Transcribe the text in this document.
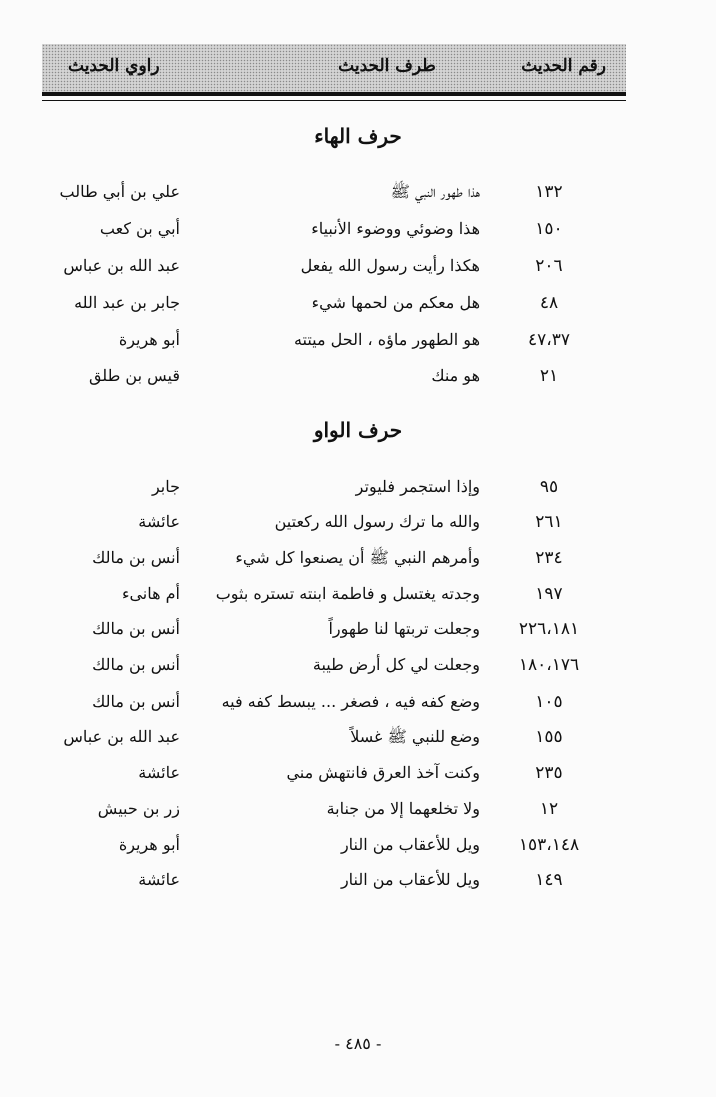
رقم الحديث
طرف الحديث
راوي الحديث
حرف الهاء
١٣٢
هذا طهور النبي ﷺ
علي بن أبي طالب
١٥٠
هذا وضوئي ووضوء الأنبياء
أبي بن كعب
٢٠٦
هكذا رأيت رسول الله يفعل
عبد الله بن عباس
٤٨
هل معكم من لحمها شيء
جابر بن عبد الله
٤٧،٣٧
هو الطهور ماؤه ، الحل ميتته
أبو هريرة
٢١
هو منك
قيس بن طلق
حرف الواو
٩٥
وإذا استجمر فليوتر
جابر
٢٦١
والله ما ترك رسول الله ركعتين
عائشة
٢٣٤
وأمرهم النبي ﷺ أن يصنعوا كل شيء
أنس بن مالك
١٩٧
وجدته يغتسل و فاطمة ابنته تستره بثوب
أم هانىء
٢٢٦،١٨١
وجعلت تربتها لنا طهوراً
أنس بن مالك
١٨٠،١٧٦
وجعلت لي كل أرض طيبة
أنس بن مالك
١٠٥
وضع كفه فيه ، فصغر ... يبسط كفه فيه
أنس بن مالك
١٥٥
وضع للنبي ﷺ غسلاً
عبد الله بن عباس
٢٣٥
وكنت آخذ العرق فانتهش مني
عائشة
١٢
ولا تخلعهما إلا من جنابة
زر بن حبيش
١٥٣،١٤٨
ويل للأعقاب من النار
أبو هريرة
١٤٩
ويل للأعقاب من النار
عائشة
- ٤٨٥ -
